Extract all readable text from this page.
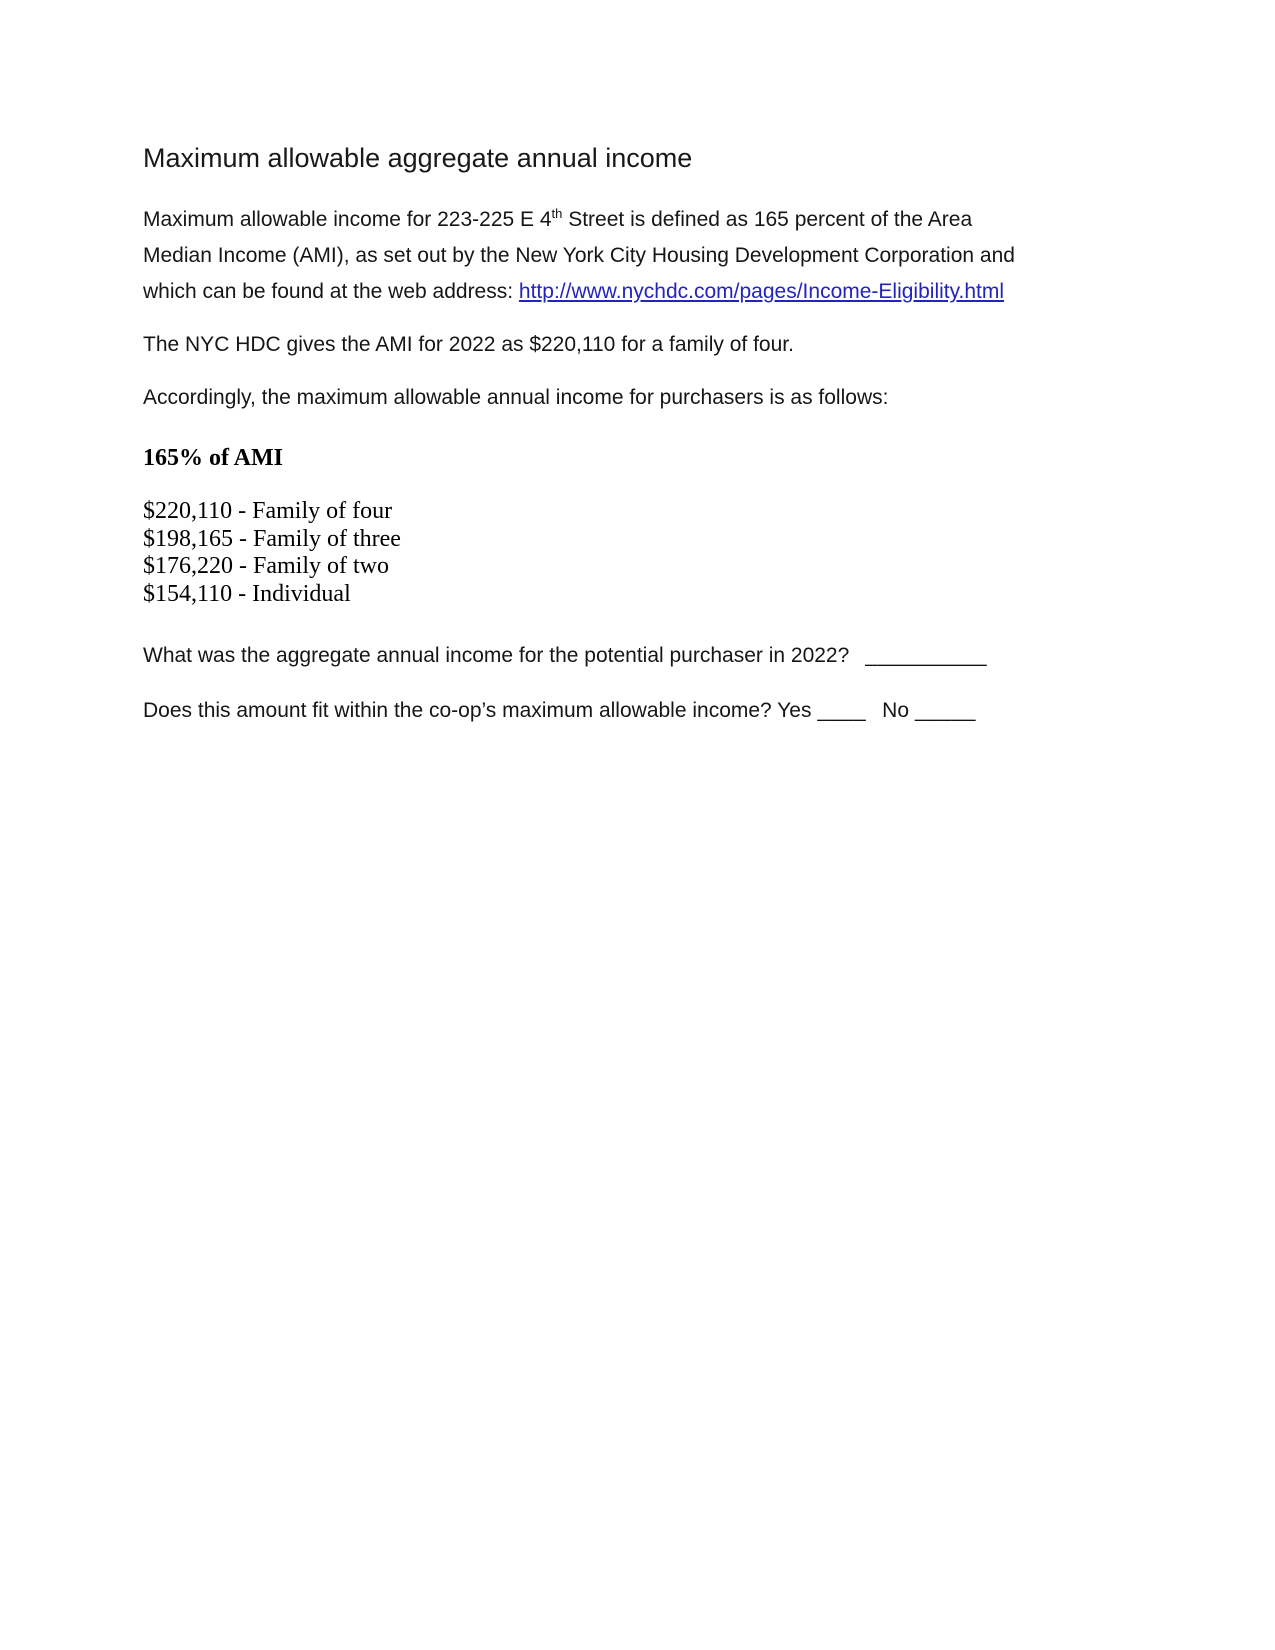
Maximum allowable aggregate annual income

Maximum allowable income for 223-225 E 4th Street is defined as 165 percent of the Area
Median Income (AMI), as set out by the New York City Housing Development Corporation and
which can be found at the web address: http://www.nychdc.com/pages/Income-Eligibility.html

The NYC HDC gives the AMI for 2022 as $220,110 for a family of four.

Accordingly, the maximum allowable annual income for purchasers is as follows:

165% of AMI
$220,110 - Family of four
$198,165 - Family of three
$176,220 - Family of two
$154,110 - Individual

What was the aggregate annual income for the potential purchaser in 2022? __________

Does this amount fit within the co-op’s maximum allowable income? Yes ____ No _____
